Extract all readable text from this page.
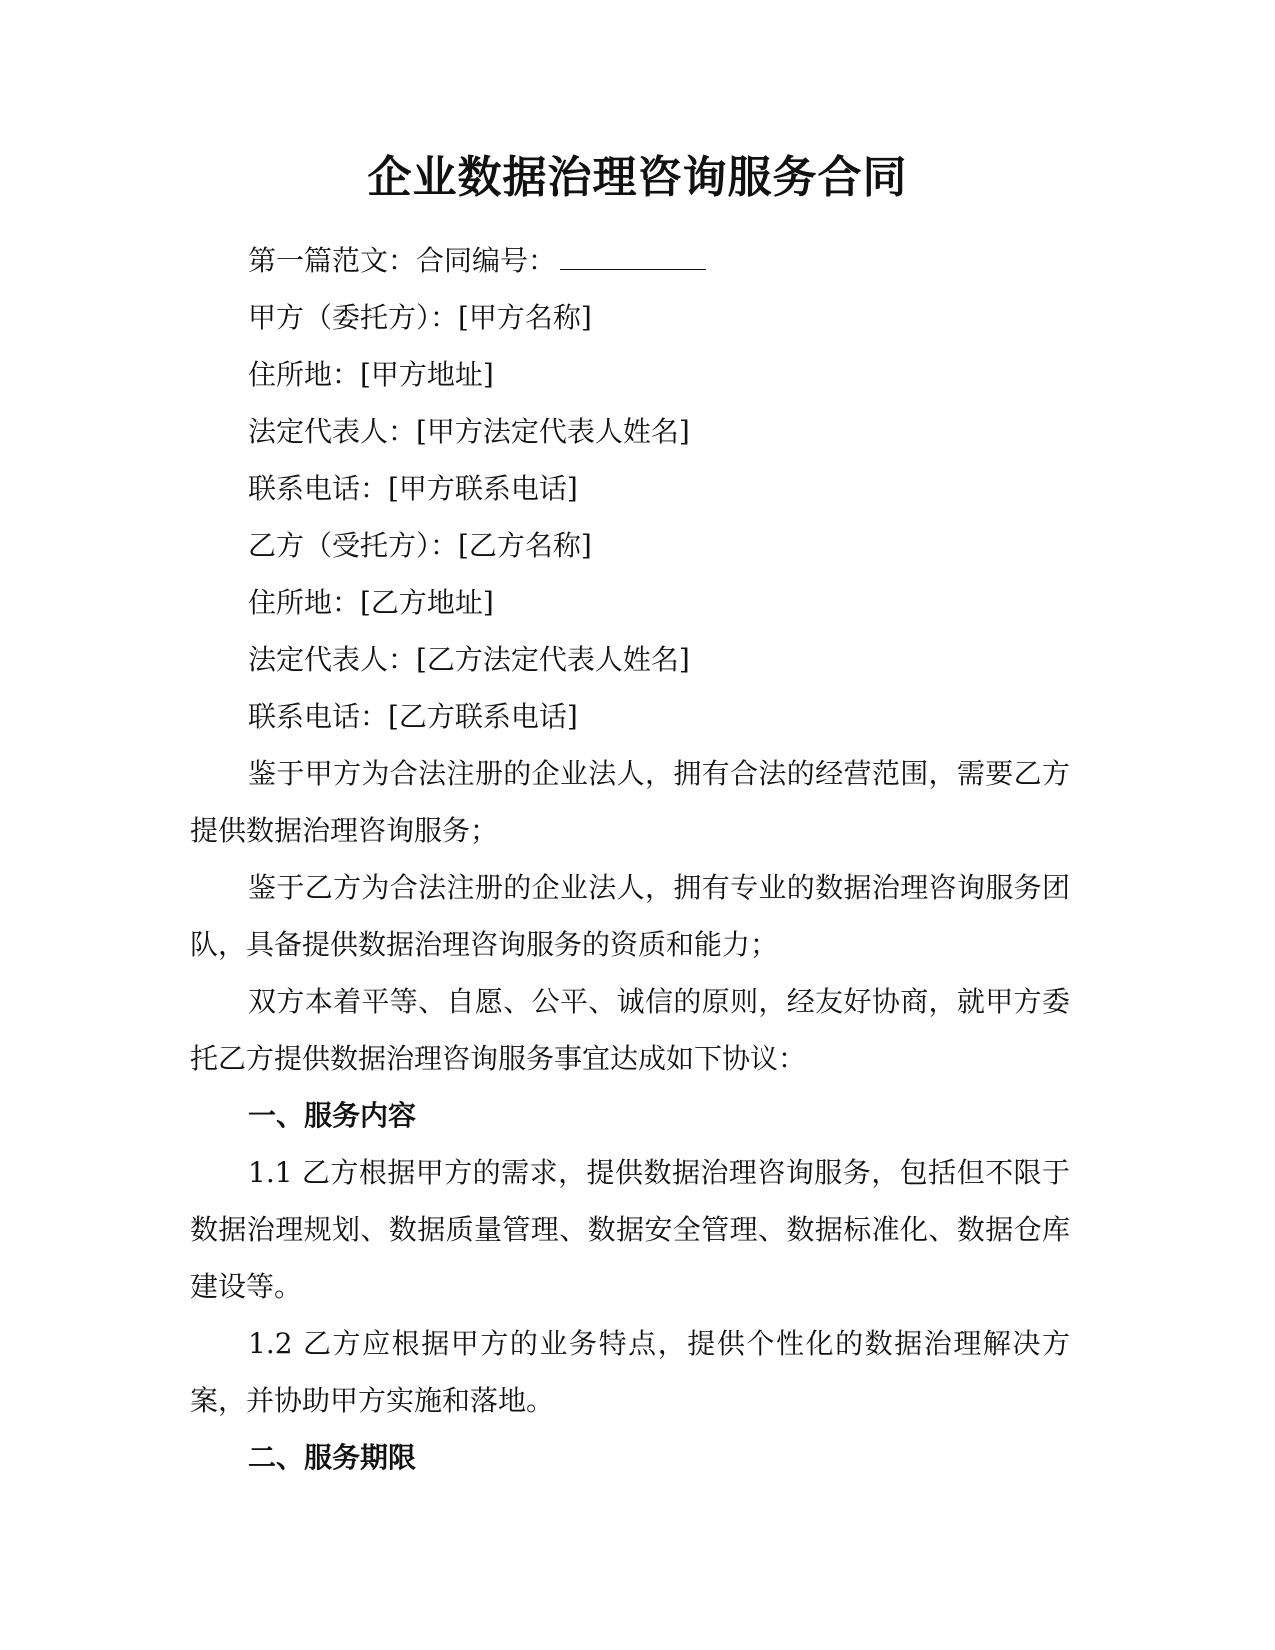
企业数据治理咨询服务合同

第一篇范文：合同编号：

甲方（委托方）：[甲方名称]

住所地：[甲方地址]

法定代表人：[甲方法定代表人姓名]

联系电话：[甲方联系电话]

乙方（受托方）：[乙方名称]

住所地：[乙方地址]

法定代表人：[乙方法定代表人姓名]

联系电话：[乙方联系电话]

鉴于甲方为合法注册的企业法人，拥有合法的经营范围，需要乙方提供数据治理咨询服务；

鉴于乙方为合法注册的企业法人，拥有专业的数据治理咨询服务团队，具备提供数据治理咨询服务的资质和能力；

双方本着平等、自愿、公平、诚信的原则，经友好协商，就甲方委托乙方提供数据治理咨询服务事宜达成如下协议：

一、服务内容

1.1 乙方根据甲方的需求，提供数据治理咨询服务，包括但不限于数据治理规划、数据质量管理、数据安全管理、数据标准化、数据仓库建设等。

1.2 乙方应根据甲方的业务特点，提供个性化的数据治理解决方案，并协助甲方实施和落地。

二、服务期限
